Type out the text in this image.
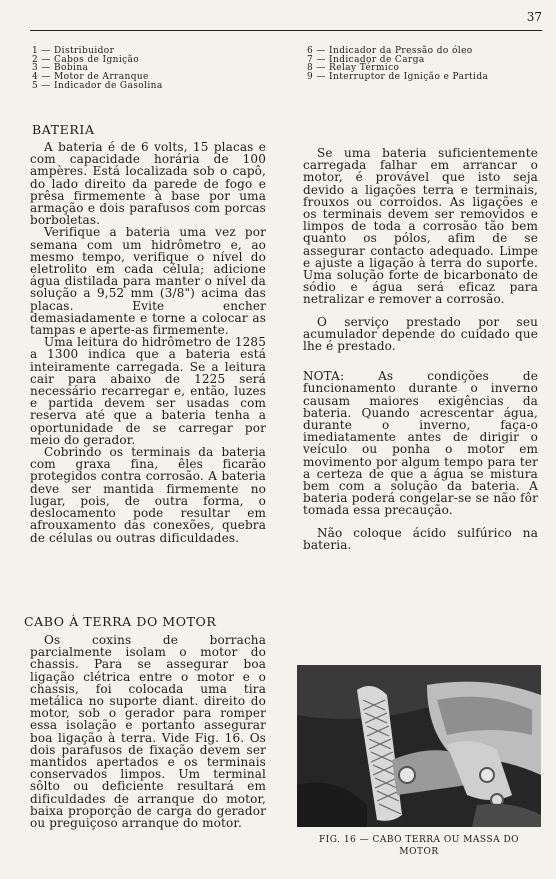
37
1 — Distribuidor
2 — Cabos de Ignição
3 — Bobina
4 — Motor de Arranque
5 — Indicador de Gasolina
6 — Indicador da Pressão do óleo
7 — Indicador de Carga
8 — Relay Térmico
9 — Interruptor de Ignição e Partida
BATERIA

A bateria é de 6 volts, 15 placas e com capacidade horária de 100 ampères. Está localizada sob o capô, do lado direito da parede de fogo e prêsa firmemente à base por uma armação e dois parafusos com porcas borboletas.

Verifique a bateria uma vez por semana com um hidrômetro e, ao mesmo tempo, verifique o nível do eletrolito em cada célula; adicione água distilada para manter o nível da solução a 9,52 mm (3/8") acima das placas. Evite encher demasiadamente e torne a colocar as tampas e aperte-as firmemente.

Uma leitura do hidrômetro de 1285 a 1300 indica que a bateria está inteiramente carregada. Se a leitura cair para abaixo de 1225 será necessário recarregar e, então, luzes e partida devem ser usadas com reserva até que a bateria tenha a oportunidade de se carregar por meio do gerador.

Cobrindo os terminais da bateria com graxa fina, êles ficarão protegidos contra corrosão. A bateria deve ser mantida firmemente no lugar, pois, de outra forma, o deslocamento pode resultar em afrouxamento das conexões, quebra de células ou outras dificuldades.

CABO À TERRA DO MOTOR

Os coxins de borracha parcialmente isolam o motor do chassis. Para se assegurar boa ligação clétrica entre o motor e o chassis, foi colocada uma tira metálica no suporte diant. direito do motor, sob o gerador para romper essa isolação e portanto assegurar boa ligação à terra. Vide Fig. 16. Os dois parafusos de fixação devem ser mantidos apertados e os terminais conservados limpos. Um terminal sôlto ou deficiente resultará em dificuldades de arranque do motor, baixa proporção de carga do gerador ou preguiçoso arranque do motor.

Se uma bateria suficientemente carregada falhar em arrancar o motor, é provável que isto seja devido a ligações terra e terminais, frouxos ou corroidos. As ligações e os terminais devem ser removidos e limpos de toda a corrosão tão bem quanto os pólos, afim de se assegurar contacto adequado. Limpe e ajuste a ligação à terra do suporte. Uma solução forte de bicarbonato de sódio e água será eficaz para netralizar e remover a corrosão.

O serviço prestado por seu acumulador depende do cuidado que lhe é prestado.

NOTA: As condições de funcionamento durante o inverno causam maiores exigências da bateria. Quando acrescentar água, durante o inverno, faça-o imediatamente antes de dirigir o veículo ou ponha o motor em movimento por algum tempo para ter a certeza de que a água se mistura bem com a solução da bateria. A bateria poderá congelar-se se não fôr tomada essa precaução.

Não coloque ácido sulfúrico na bateria.

FIG. 16 — CABO TERRA OU MASSA DO MOTOR
